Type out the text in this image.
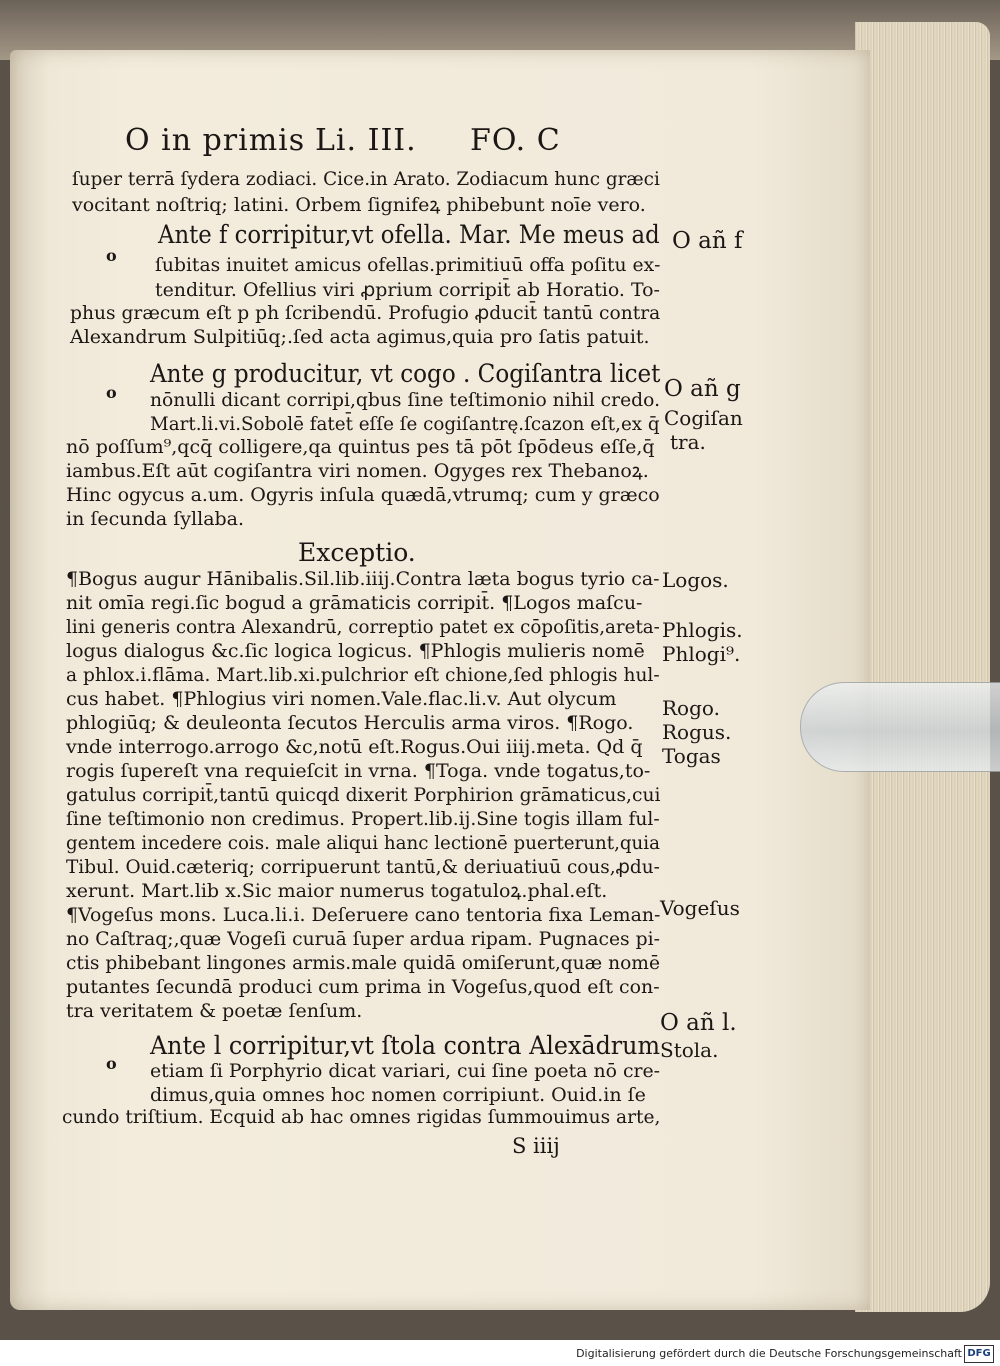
O in primis Li. III. FO. C
ſuper terrā ſydera zodiaci. Cice.in Arato. Zodiacum hunc græci
vocitant noſtriq; latini. Orbem ſignifeꝝ phibebunt noīe vero.
Ante f corripitur,vt ofella. Mar. Me meus ad
ſubitas inuitet amicus ofellas.primitiuū offa poſitu ex‑
tenditur. Ofellius viri ꝓprium corripit̄ ab Horatio. To‑
phus græcum eſt p ph ſcribendū. Profugio ꝓducit̄ tantū contra
Alexandrum Sulpitiūq;.ſed acta agimus,quia pro ſatis patuit.
Ante g producitur, vt cogo . Cogiſantra licet
nōnulli dicant corripi,qbus ſine teſtimonio nihil credo.
Mart.li.vi.Sobolē fatet̄ eſſe ſe cogiſantrę.ſcazon eſt,ex q̄
nō poſſum⁹,qcq̄ colligere,qa quintus pes tā pōt ſpōdeus eſſe,q̄
iambus.Eſt aūt cogiſantra viri nomen. Ogyges rex Thebanoꝝ.
Hinc ogycus a.um. Ogyris inſula quædā,vtrumq; cum y græco
in ſecunda ſyllaba.
Exceptio.
¶Bogus augur Hānibalis.Sil.lib.iiij.Contra læta bogus tyrio ca‑
nit omīa regi.ſic bogud a grāmaticis corripit̄. ¶Logos maſcu‑
lini generis contra Alexandrū, correptio patet ex cōpoſitis,areta‑
logus dialogus &c.ſic logica logicus. ¶Phlogis mulieris nomē
a phlox.i.flāma. Mart.lib.xi.pulchrior eſt chione,ſed phlogis hul‑
cus habet. ¶Phlogius viri nomen.Vale.flac.li.v. Aut olycum
phlogiūq; & deuleonta ſecutos Herculis arma viros. ¶Rogo.
vnde interrogo.arrogo &c,notū eſt.Rogus.Oui iiij.meta. Qd q̄
rogis ſupereſt vna requieſcit in vrna. ¶Toga. vnde togatus,to‑
gatulus corripit̄,tantū quicqd dixerit Porphirion grāmaticus,cui
ſine teſtimonio non credimus. Propert.lib.ij.Sine togis illam ful‑
gentem incedere cois. male aliqui hanc lectionē puerterunt,quia
Tibul. Ouid.cæteriq; corripuerunt tantū,& deriuatiuū cous,ꝓdu‑
xerunt. Mart.lib x.Sic maior numerus togatuloꝝ.phal.eſt.
¶Vogeſus mons. Luca.li.i. Deſeruere cano tentoria fixa Leman‑
no Caſtraq;,quæ Vogeſi curuā ſuper ardua ripam. Pugnaces pi‑
ctis phibebant lingones armis.male quidā omiſerunt,quæ nomē
putantes ſecundā produci cum prima in Vogeſus,quod eſt con‑
tra veritatem & poetæ ſenſum.
Ante l corripitur,vt ſtola contra Alexādrum
etiam ſi Porphyrio dicat variari, cui ſine poeta nō cre‑
dimus,quia omnes hoc nomen corripiunt. Ouid.in ſe
cundo triſtium. Ecquid ab hac omnes rigidas ſummouimus arte,
o
o
o
O añ f
O añ g
Cogiſan
tra.
Logos.
Phlogis.
Phlogi⁹.
Rogo.
Rogus.
Togas
Vogeſus
O añ l.
Stola.
S iiij
Digitalisierung gefördert durch die Deutsche Forschungsgemeinschaft DFG
